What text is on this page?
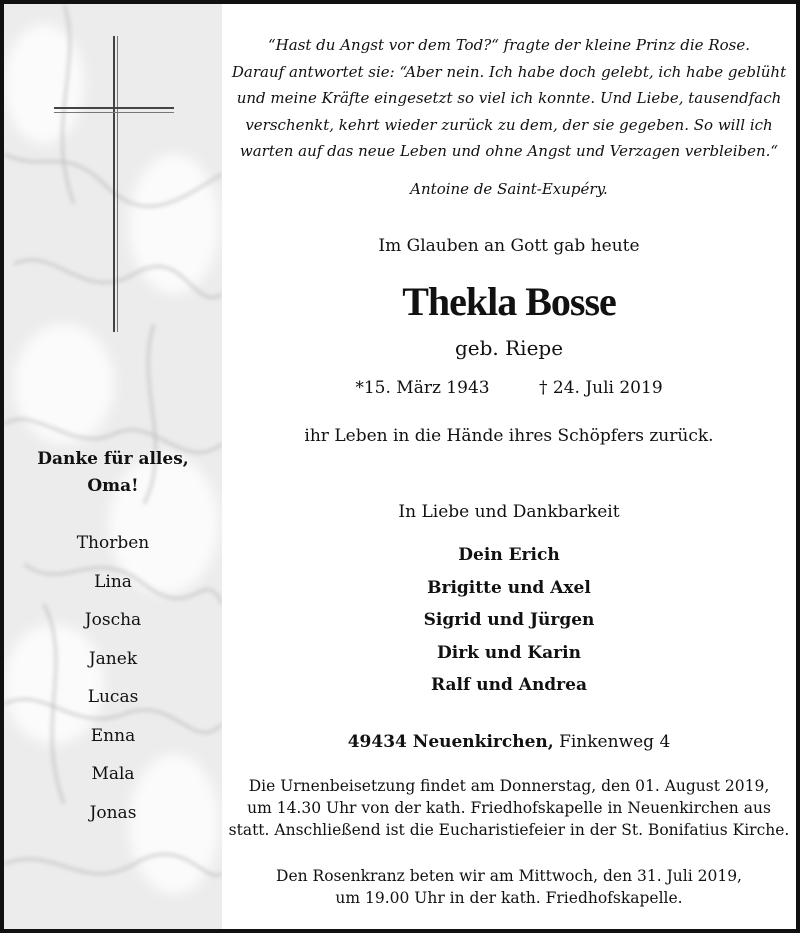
Danke für alles,
Oma!
Thorben
Lina
Joscha
Janek
Lucas
Enna
Mala
Jonas
“Hast du Angst vor dem Tod?“ fragte der kleine Prinz die Rose.
Darauf antwortet sie: “Aber nein. Ich habe doch gelebt, ich habe geblüht
und meine Kräfte eingesetzt so viel ich konnte. Und Liebe, tausendfach
verschenkt, kehrt wieder zurück zu dem, der sie gegeben. So will ich
warten auf das neue Leben und ohne Angst und Verzagen verbleiben.“
Antoine de Saint-Exupéry.
Im Glauben an Gott gab heute
Thekla Bosse
geb. Riepe
*15. März 1943	† 24. Juli 2019
ihr Leben in die Hände ihres Schöpfers zurück.
In Liebe und Dankbarkeit
Dein Erich
Brigitte und Axel
Sigrid und Jürgen
Dirk und Karin
Ralf und Andrea
49434 Neuenkirchen, Finkenweg 4
Die Urnenbeisetzung findet am Donnerstag, den 01. August 2019,
um 14.30 Uhr von der kath. Friedhofskapelle in Neuenkirchen aus
statt. Anschließend ist die Eucharistiefeier in der St. Bonifatius Kirche.
Den Rosenkranz beten wir am Mittwoch, den 31. Juli 2019,
um 19.00 Uhr in der kath. Friedhofskapelle.
